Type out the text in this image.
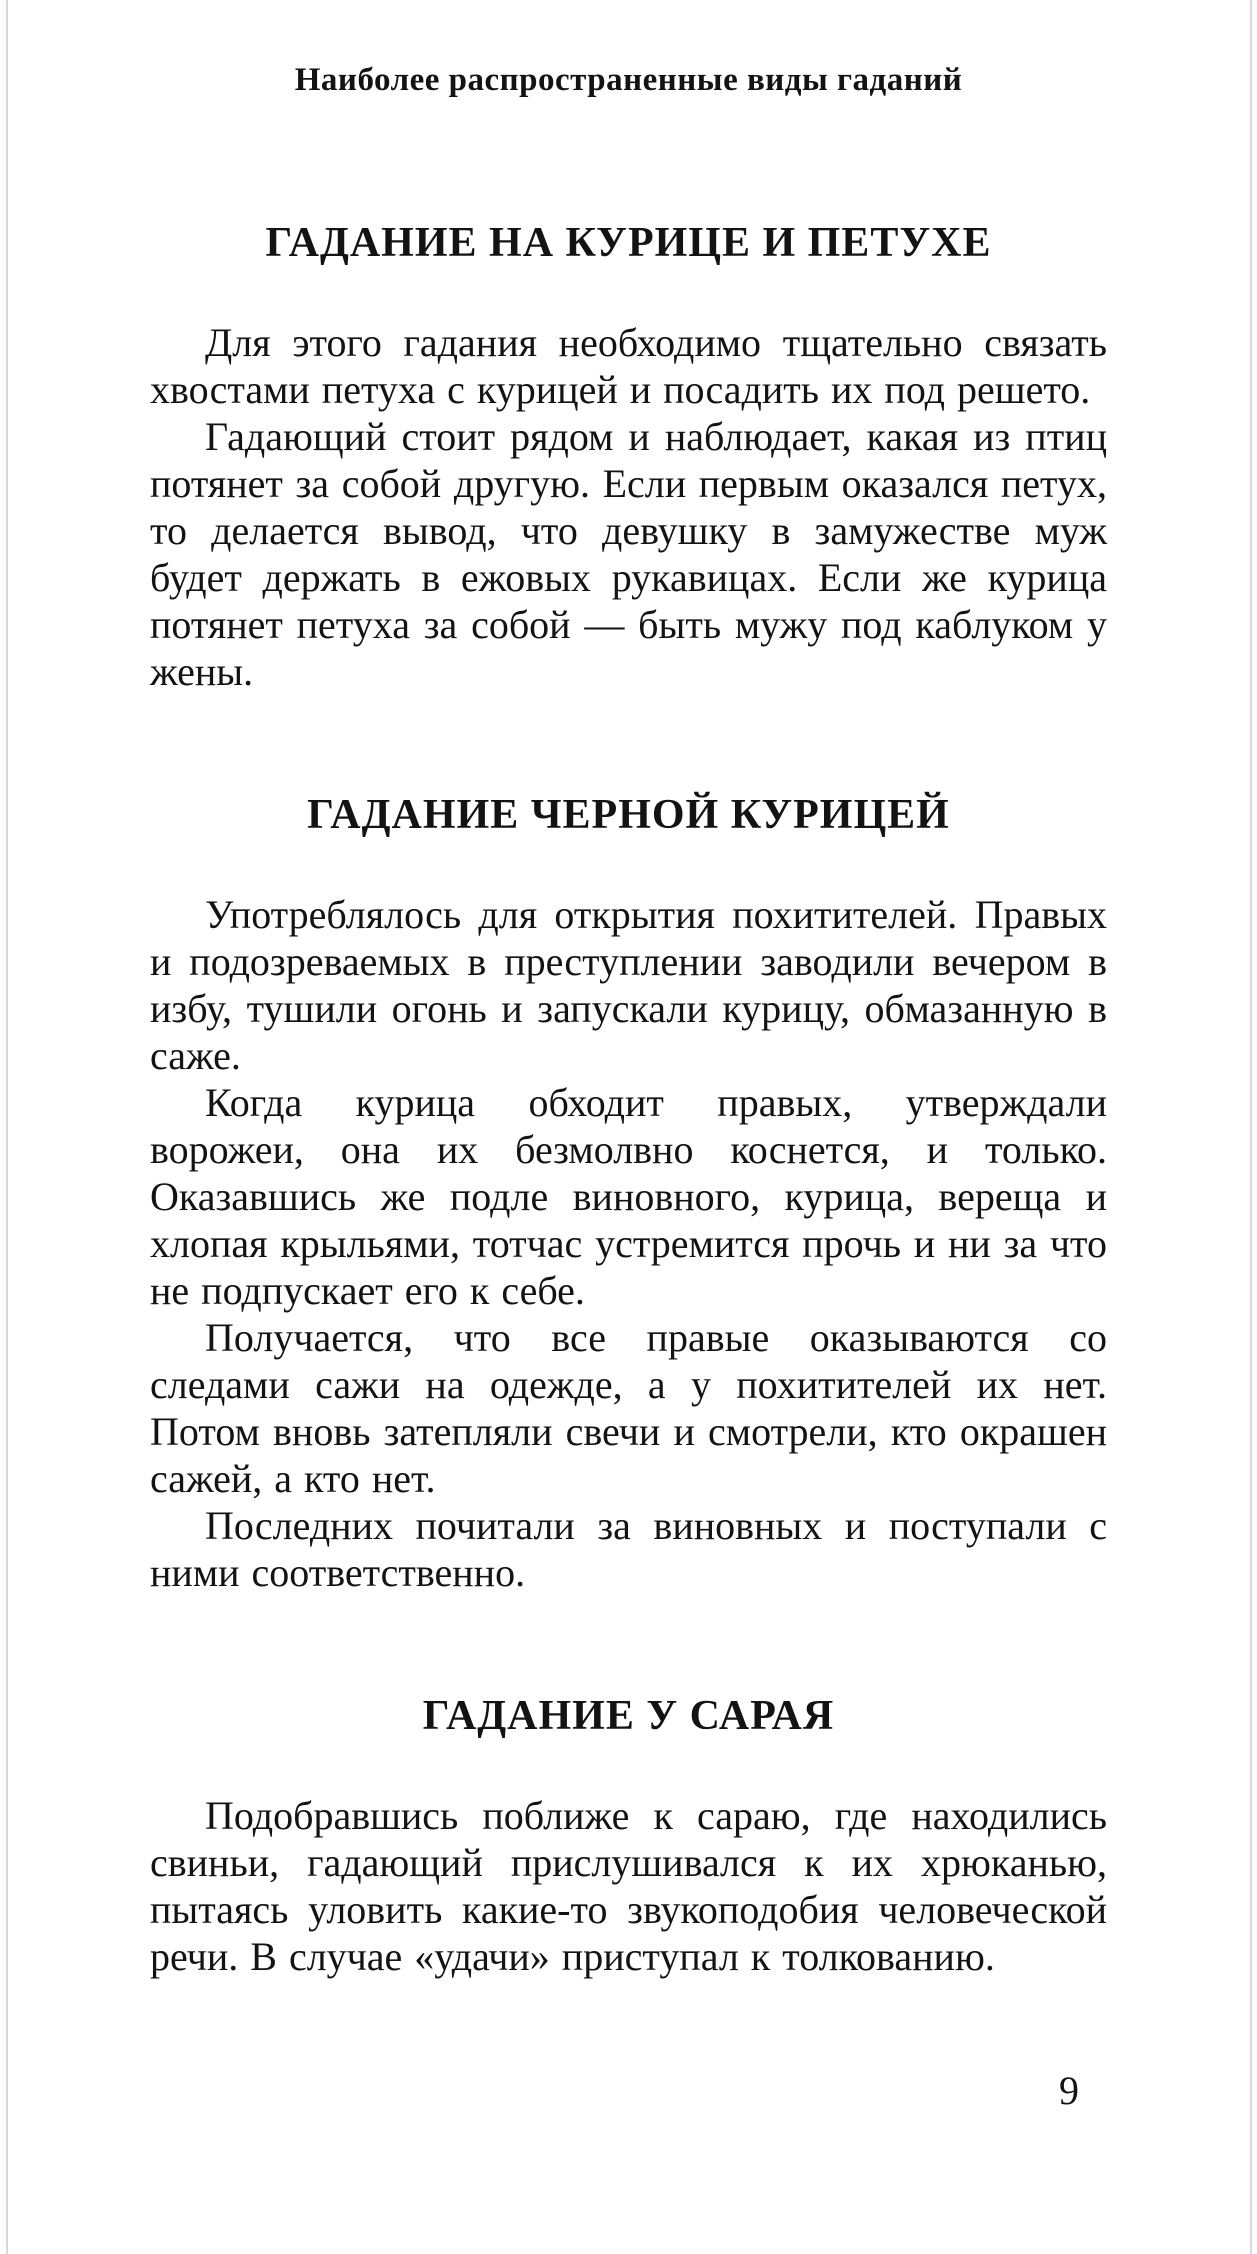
Наиболее распространенные виды гаданий
ГАДАНИЕ НА КУРИЦЕ И ПЕТУХЕ

Для этого гадания необходимо тщательно связать хвостами петуха с курицей и посадить их под решето.

Гадающий стоит рядом и наблюдает, какая из птиц потянет за собой другую. Если первым оказался петух, то делается вывод, что девушку в замужестве муж будет держать в ежовых рукавицах. Если же курица потянет петуха за собой — быть мужу под каблуком у жены.

ГАДАНИЕ ЧЕРНОЙ КУРИЦЕЙ

Употреблялось для открытия похитителей. Правых и подозреваемых в преступлении заводили вечером в избу, тушили огонь и запускали курицу, обмазанную в саже.

Когда курица обходит правых, утверждали ворожеи, она их безмолвно коснется, и только. Оказавшись же подле виновного, курица, вереща и хлопая крыльями, тотчас устремится прочь и ни за что не подпускает его к себе.

Получается, что все правые оказываются со следами сажи на одежде, а у похитителей их нет. Потом вновь затепляли свечи и смотрели, кто окрашен сажей, а кто нет.

Последних почитали за виновных и поступали с ними соответственно.

ГАДАНИЕ У САРАЯ

Подобравшись поближе к сараю, где находились свиньи, гадающий прислушивался к их хрюканью, пытаясь уловить какие-то звукоподобия человеческой речи. В случае «удачи» приступал к толкованию.

9
